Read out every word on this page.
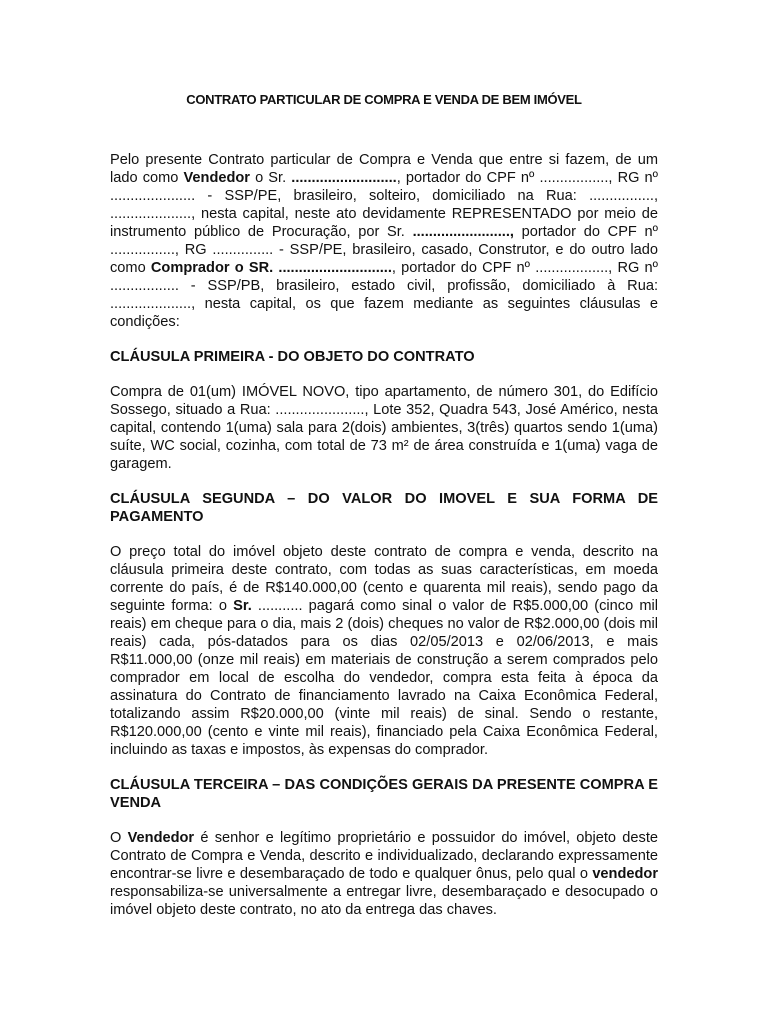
CONTRATO PARTICULAR DE COMPRA E VENDA DE BEM IMÓVEL

Pelo presente Contrato particular de Compra e Venda que entre si fazem, de um lado como Vendedor o Sr. .........................., portador do CPF nº ................., RG nº ..................... - SSP/PE, brasileiro, solteiro, domiciliado na Rua: ................, ...................., nesta capital, neste ato devidamente REPRESENTADO por meio de instrumento público de Procuração, por Sr. ........................, portador do CPF nº ................, RG ............... - SSP/PE, brasileiro, casado, Construtor, e do outro lado como Comprador o SR. ............................, portador do CPF nº .................., RG nº ................. - SSP/PB, brasileiro, estado civil, profissão, domiciliado à Rua: ...................., nesta capital, os que fazem mediante as seguintes cláusulas e condições:

CLÁUSULA PRIMEIRA - DO OBJETO DO CONTRATO

Compra de 01(um) IMÓVEL NOVO, tipo apartamento, de número 301, do Edifício Sossego, situado a Rua: ......................, Lote 352, Quadra 543, José Américo, nesta capital, contendo 1(uma) sala para 2(dois) ambientes, 3(três) quartos sendo 1(uma) suíte, WC social, cozinha, com total de 73 m² de área construída e 1(uma) vaga de garagem.

CLÁUSULA SEGUNDA – DO VALOR DO IMOVEL E SUA FORMA DE PAGAMENTO

O preço total do imóvel objeto deste contrato de compra e venda, descrito na cláusula primeira deste contrato, com todas as suas características, em moeda corrente do país, é de R$140.000,00 (cento e quarenta mil reais), sendo pago da seguinte forma: o Sr. ........... pagará como sinal o valor de R$5.000,00 (cinco mil reais) em cheque para o dia, mais 2 (dois) cheques no valor de R$2.000,00 (dois mil reais) cada, pós-datados para os dias 02/05/2013 e 02/06/2013, e mais R$11.000,00 (onze mil reais) em materiais de construção a serem comprados pelo comprador em local de escolha do vendedor, compra esta feita à época da assinatura do Contrato de financiamento lavrado na Caixa Econômica Federal, totalizando assim R$20.000,00 (vinte mil reais) de sinal. Sendo o restante, R$120.000,00 (cento e vinte mil reais), financiado pela Caixa Econômica Federal, incluindo as taxas e impostos, às expensas do comprador.

CLÁUSULA TERCEIRA – DAS CONDIÇÕES GERAIS DA PRESENTE COMPRA E VENDA

O Vendedor é senhor e legítimo proprietário e possuidor do imóvel, objeto deste Contrato de Compra e Venda, descrito e individualizado, declarando expressamente encontrar-se livre e desembaraçado de todo e qualquer ônus, pelo qual o vendedor responsabiliza-se universalmente a entregar livre, desembaraçado e desocupado o imóvel objeto deste contrato, no ato da entrega das chaves.
